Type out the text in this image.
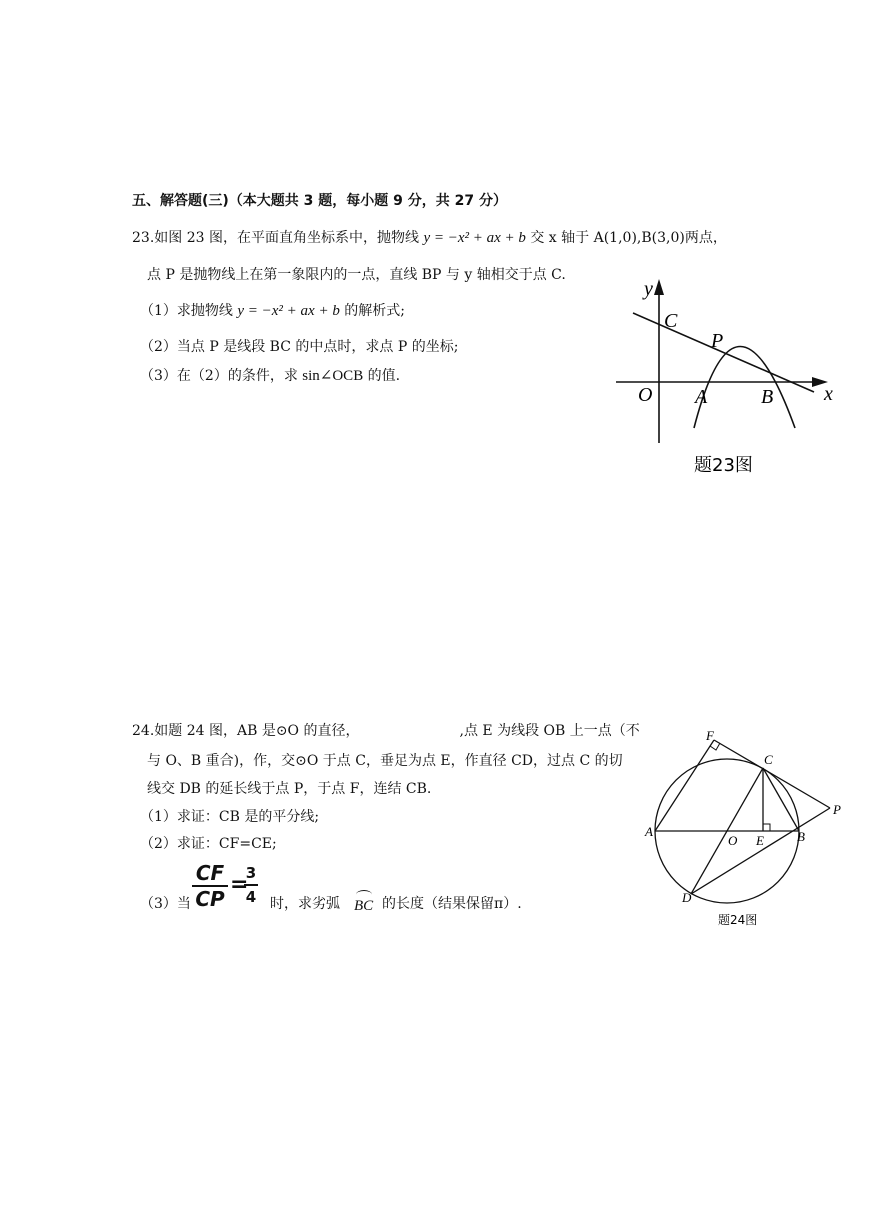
五、解答题(三)（本大题共 3 题，每小题 9 分，共 27 分）
23.如图 23 图，在平面直角坐标系中，抛物线 y = −x² + ax + b 交 x 轴于 A(1,0),B(3,0)两点，
点 P 是抛物线上在第一象限内的一点，直线 BP 与 y 轴相交于点 C.
（1）求抛物线 y = −x² + ax + b 的解析式;
（2）当点 P 是线段 BC 的中点时，求点 P 的坐标;
（3）在（2）的条件，求 sin∠OCB 的值.
y
x
C
P
O A	B
题23图
24.如题 24 图，AB 是⊙O 的直径，	,点 E 为线段 OB 上一点（不
与 O、B 重合)，作，交⊙O 于点 C，垂足为点 E，作直径 CD，过点 C 的切
线交 DB 的延长线于点 P，于点 F，连结 CB.
（1）求证：CB 是的平分线;
（2）求证：CF=CE;
（3）当
CF
CP
=
3
4 时，求劣弧 BC 的长度（结果保留π）.
F
C
P
A
O E	B
D
题24图
